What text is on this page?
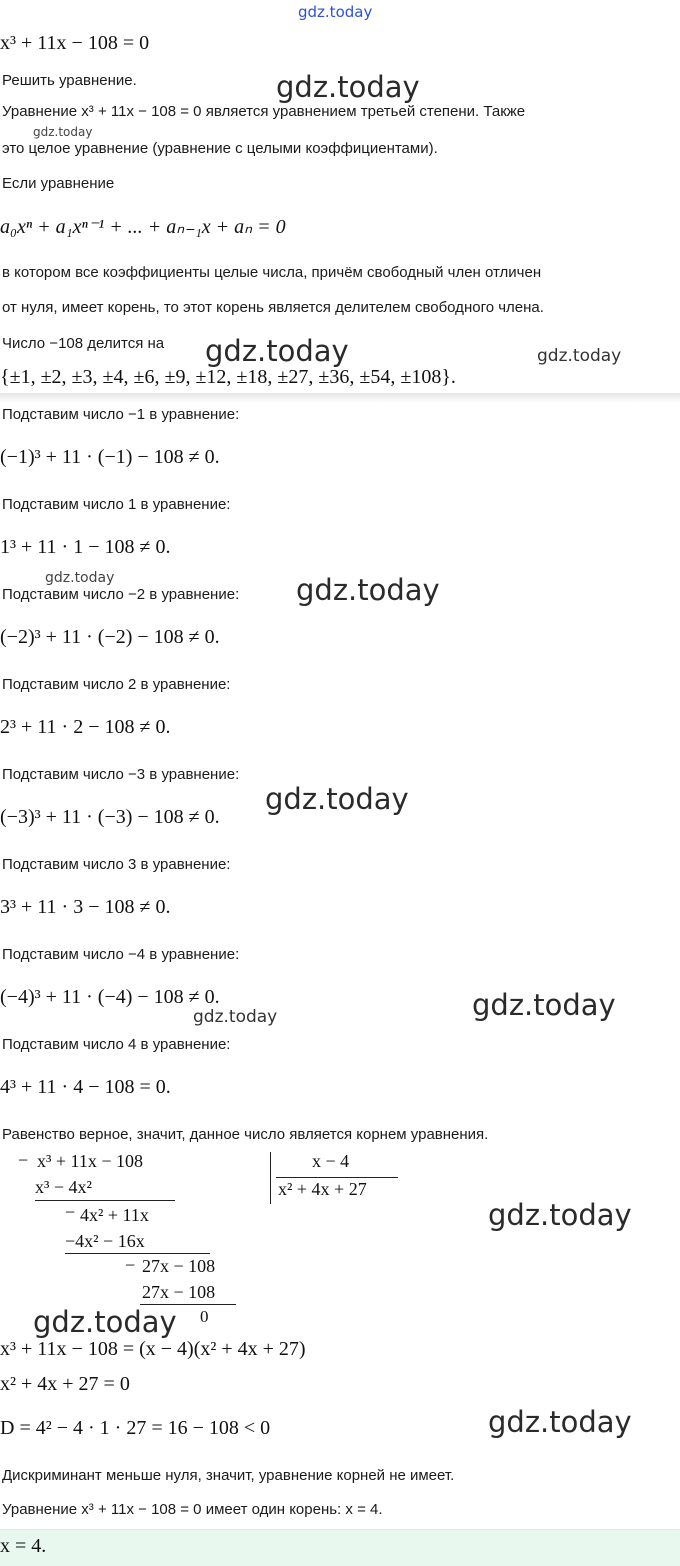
gdz.today
x³ + 11x − 108 = 0
Решить уравнение.	gdz.today
Уравнение x³ + 11x − 108 = 0 является уравнением третьей степени. Также
gdz.today
это целое уравнение (уравнение с целыми коэффициентами).
Если уравнение
a₀xⁿ + a₁xⁿ⁻¹ + ... + aₙ₋₁x + aₙ = 0
в котором все коэффициенты целые числа, причём свободный член отличен
от нуля, имеет корень, то этот корень является делителем свободного члена.
Число −108 делится на gdz.today	gdz.today
{±1, ±2, ±3, ±4, ±6, ±9, ±12, ±18, ±27, ±36, ±54, ±108}.
Подставим число −1 в уравнение:
(−1)³ + 11 · (−1) − 108 ≠ 0.
Подставим число 1 в уравнение:
1³ + 11 · 1 − 108 ≠ 0.
gdz.today
Подставим число −2 в уравнение: gdz.today
(−2)³ + 11 · (−2) − 108 ≠ 0.
Подставим число 2 в уравнение:
2³ + 11 · 2 − 108 ≠ 0.
Подставим число −3 в уравнение:
gdz.today
(−3)³ + 11 · (−3) − 108 ≠ 0.
Подставим число 3 в уравнение:
3³ + 11 · 3 − 108 ≠ 0.
Подставим число −4 в уравнение:
(−4)³ + 11 · (−4) − 108 ≠ 0.
gdz.today	gdz.today
Подставим число 4 в уравнение:
4³ + 11 · 4 − 108 = 0.
Равенство верное, значит, данное число является корнем уравнения.
− x³ + 11x − 108
x³ − 4x²
− 4x² + 11x
−4x² − 16x
− 27x − 108
27x − 108
0
x − 4
x² + 4x + 27
gdz.today
gdz.today
x³ + 11x − 108 = (x − 4)(x² + 4x + 27)
x² + 4x + 27 = 0
D = 4² − 4 · 1 · 27 = 16 − 108 < 0	gdz.today
Дискриминант меньше нуля, значит, уравнение корней не имеет.
Уравнение x³ + 11x − 108 = 0 имеет один корень: x = 4.
x = 4.
